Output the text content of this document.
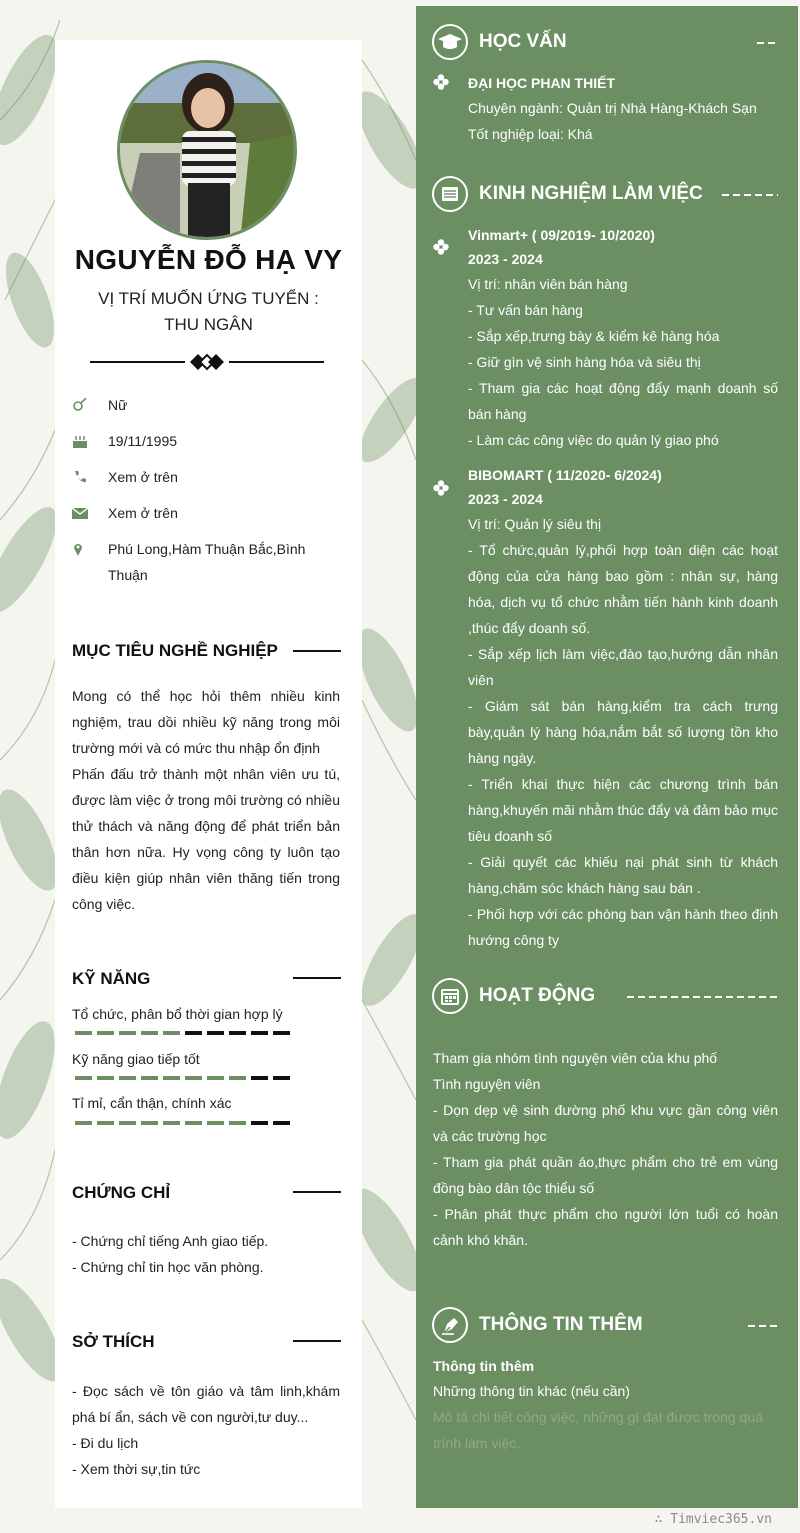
NGUYỄN ĐỖ HẠ VY
VỊ TRÍ MUỐN ỨNG TUYỂN :
THU NGÂN
Nữ
19/11/1995
Xem ở trên
Xem ở trên
Phú Long,Hàm Thuận Bắc,Bình Thuận
MỤC TIÊU NGHỀ NGHIỆP
Mong có thể học hỏi thêm nhiều kinh nghiệm, trau dồi nhiều kỹ năng trong môi trường mới và có mức thu nhập ổn định
Phấn đấu trở thành một nhân viên ưu tú, được làm việc ở trong môi trường có nhiều thử thách và năng động để phát triển bản thân hơn nữa. Hy vọng công ty luôn tạo điều kiện giúp nhân viên thăng tiến trong công việc.
KỸ NĂNG
Tổ chức, phân bổ thời gian hợp lý
Kỹ năng giao tiếp tốt
Tỉ mỉ, cẩn thận, chính xác
CHỨNG CHỈ
- Chứng chỉ tiếng Anh giao tiếp.
- Chứng chỉ tin học văn phòng.
SỞ THÍCH
- Đọc sách về tôn giáo và tâm linh,khám phá bí ẩn, sách về con người,tư duy...
- Đi du lịch
- Xem thời sự,tin tức
HỌC VẤN
ĐẠI HỌC PHAN THIẾT
Chuyên ngành: Quản trị Nhà Hàng-Khách Sạn
Tốt nghiệp loại: Khá
KINH NGHIỆM LÀM VIỆC
Vinmart+ ( 09/2019- 10/2020)
2023 - 2024
Vị trí: nhân viên bán hàng
- Tư vấn bán hàng
- Sắp xếp,trưng bày & kiểm kê hàng hóa
- Giữ gìn vệ sinh hàng hóa và siêu thị
- Tham gia các hoạt động đẩy mạnh doanh số bán hàng
- Làm các công việc do quản lý giao phó
BIBOMART ( 11/2020- 6/2024)
2023 - 2024
Vị trí: Quản lý siêu thị
- Tổ chức,quản lý,phối hợp toàn diện các hoạt động của cửa hàng bao gồm : nhân sự, hàng hóa, dịch vụ tổ chức nhằm tiến hành kinh doanh ,thúc đẩy doanh số.
- Sắp xếp lịch làm việc,đào tạo,hướng dẫn nhân viên
- Giám sát bán hàng,kiểm tra cách trưng bày,quản lý hàng hóa,nắm bắt số lượng tồn kho hàng ngày.
- Triển khai thực hiện các chương trình bán hàng,khuyến mãi nhằm thúc đẩy và đảm bảo mục tiêu doanh số
- Giải quyết các khiếu nại phát sinh từ khách hàng,chăm sóc khách hàng sau bán .
- Phối hợp với các phòng ban vận hành theo định hướng công ty
HOẠT ĐỘNG
Tham gia nhóm tình nguyện viên của khu phố
Tình nguyện viên
- Dọn dẹp vệ sinh đường phố khu vực gần công viên và các trường học
- Tham gia phát quần áo,thực phẩm cho trẻ em vùng đồng bào dân tộc thiểu số
- Phân phát thực phẩm cho người lớn tuổi có hoàn cảnh khó khăn.
THÔNG TIN THÊM
Thông tin thêm
Những thông tin khác (nếu cần)
Mô tả chi tiết công việc, những gì đạt được trong quá trình làm việc.
∴ Timviec365.vn
